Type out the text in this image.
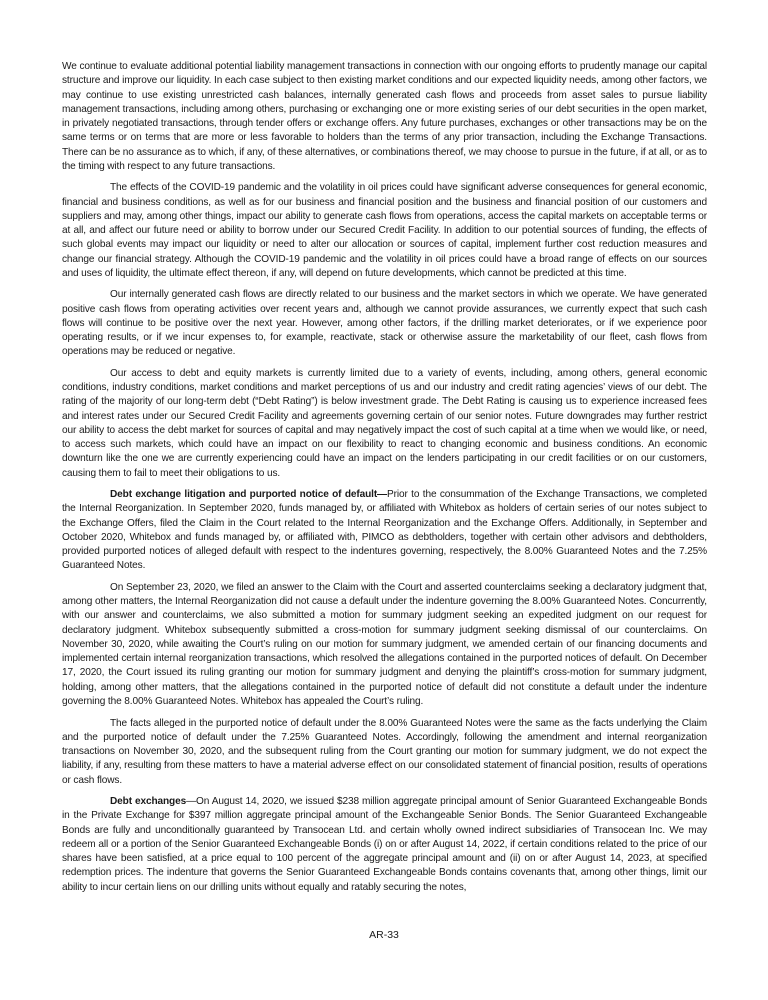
We continue to evaluate additional potential liability management transactions in connection with our ongoing efforts to prudently manage our capital structure and improve our liquidity. In each case subject to then existing market conditions and our expected liquidity needs, among other factors, we may continue to use existing unrestricted cash balances, internally generated cash flows and proceeds from asset sales to pursue liability management transactions, including among others, purchasing or exchanging one or more existing series of our debt securities in the open market, in privately negotiated transactions, through tender offers or exchange offers. Any future purchases, exchanges or other transactions may be on the same terms or on terms that are more or less favorable to holders than the terms of any prior transaction, including the Exchange Transactions. There can be no assurance as to which, if any, of these alternatives, or combinations thereof, we may choose to pursue in the future, if at all, or as to the timing with respect to any future transactions.

The effects of the COVID-19 pandemic and the volatility in oil prices could have significant adverse consequences for general economic, financial and business conditions, as well as for our business and financial position and the business and financial position of our customers and suppliers and may, among other things, impact our ability to generate cash flows from operations, access the capital markets on acceptable terms or at all, and affect our future need or ability to borrow under our Secured Credit Facility. In addition to our potential sources of funding, the effects of such global events may impact our liquidity or need to alter our allocation or sources of capital, implement further cost reduction measures and change our financial strategy. Although the COVID-19 pandemic and the volatility in oil prices could have a broad range of effects on our sources and uses of liquidity, the ultimate effect thereon, if any, will depend on future developments, which cannot be predicted at this time.

Our internally generated cash flows are directly related to our business and the market sectors in which we operate. We have generated positive cash flows from operating activities over recent years and, although we cannot provide assurances, we currently expect that such cash flows will continue to be positive over the next year. However, among other factors, if the drilling market deteriorates, or if we experience poor operating results, or if we incur expenses to, for example, reactivate, stack or otherwise assure the marketability of our fleet, cash flows from operations may be reduced or negative.

Our access to debt and equity markets is currently limited due to a variety of events, including, among others, general economic conditions, industry conditions, market conditions and market perceptions of us and our industry and credit rating agencies’ views of our debt. The rating of the majority of our long-term debt (“Debt Rating”) is below investment grade. The Debt Rating is causing us to experience increased fees and interest rates under our Secured Credit Facility and agreements governing certain of our senior notes. Future downgrades may further restrict our ability to access the debt market for sources of capital and may negatively impact the cost of such capital at a time when we would like, or need, to access such markets, which could have an impact on our flexibility to react to changing economic and business conditions. An economic downturn like the one we are currently experiencing could have an impact on the lenders participating in our credit facilities or on our customers, causing them to fail to meet their obligations to us.

Debt exchange litigation and purported notice of default—Prior to the consummation of the Exchange Transactions, we completed the Internal Reorganization. In September 2020, funds managed by, or affiliated with Whitebox as holders of certain series of our notes subject to the Exchange Offers, filed the Claim in the Court related to the Internal Reorganization and the Exchange Offers. Additionally, in September and October 2020, Whitebox and funds managed by, or affiliated with, PIMCO as debtholders, together with certain other advisors and debtholders, provided purported notices of alleged default with respect to the indentures governing, respectively, the 8.00% Guaranteed Notes and the 7.25% Guaranteed Notes.

On September 23, 2020, we filed an answer to the Claim with the Court and asserted counterclaims seeking a declaratory judgment that, among other matters, the Internal Reorganization did not cause a default under the indenture governing the 8.00% Guaranteed Notes. Concurrently, with our answer and counterclaims, we also submitted a motion for summary judgment seeking an expedited judgment on our request for declaratory judgment. Whitebox subsequently submitted a cross-motion for summary judgment seeking dismissal of our counterclaims. On November 30, 2020, while awaiting the Court’s ruling on our motion for summary judgment, we amended certain of our financing documents and implemented certain internal reorganization transactions, which resolved the allegations contained in the purported notices of default. On December 17, 2020, the Court issued its ruling granting our motion for summary judgment and denying the plaintiff’s cross-motion for summary judgment, holding, among other matters, that the allegations contained in the purported notice of default did not constitute a default under the indenture governing the 8.00% Guaranteed Notes. Whitebox has appealed the Court’s ruling.

The facts alleged in the purported notice of default under the 8.00% Guaranteed Notes were the same as the facts underlying the Claim and the purported notice of default under the 7.25% Guaranteed Notes. Accordingly, following the amendment and internal reorganization transactions on November 30, 2020, and the subsequent ruling from the Court granting our motion for summary judgment, we do not expect the liability, if any, resulting from these matters to have a material adverse effect on our consolidated statement of financial position, results of operations or cash flows.

Debt exchanges—On August 14, 2020, we issued $238 million aggregate principal amount of Senior Guaranteed Exchangeable Bonds in the Private Exchange for $397 million aggregate principal amount of the Exchangeable Senior Bonds. The Senior Guaranteed Exchangeable Bonds are fully and unconditionally guaranteed by Transocean Ltd. and certain wholly owned indirect subsidiaries of Transocean Inc. We may redeem all or a portion of the Senior Guaranteed Exchangeable Bonds (i) on or after August 14, 2022, if certain conditions related to the price of our shares have been satisfied, at a price equal to 100 percent of the aggregate principal amount and (ii) on or after August 14, 2023, at specified redemption prices. The indenture that governs the Senior Guaranteed Exchangeable Bonds contains covenants that, among other things, limit our ability to incur certain liens on our drilling units without equally and ratably securing the notes,

AR-33
